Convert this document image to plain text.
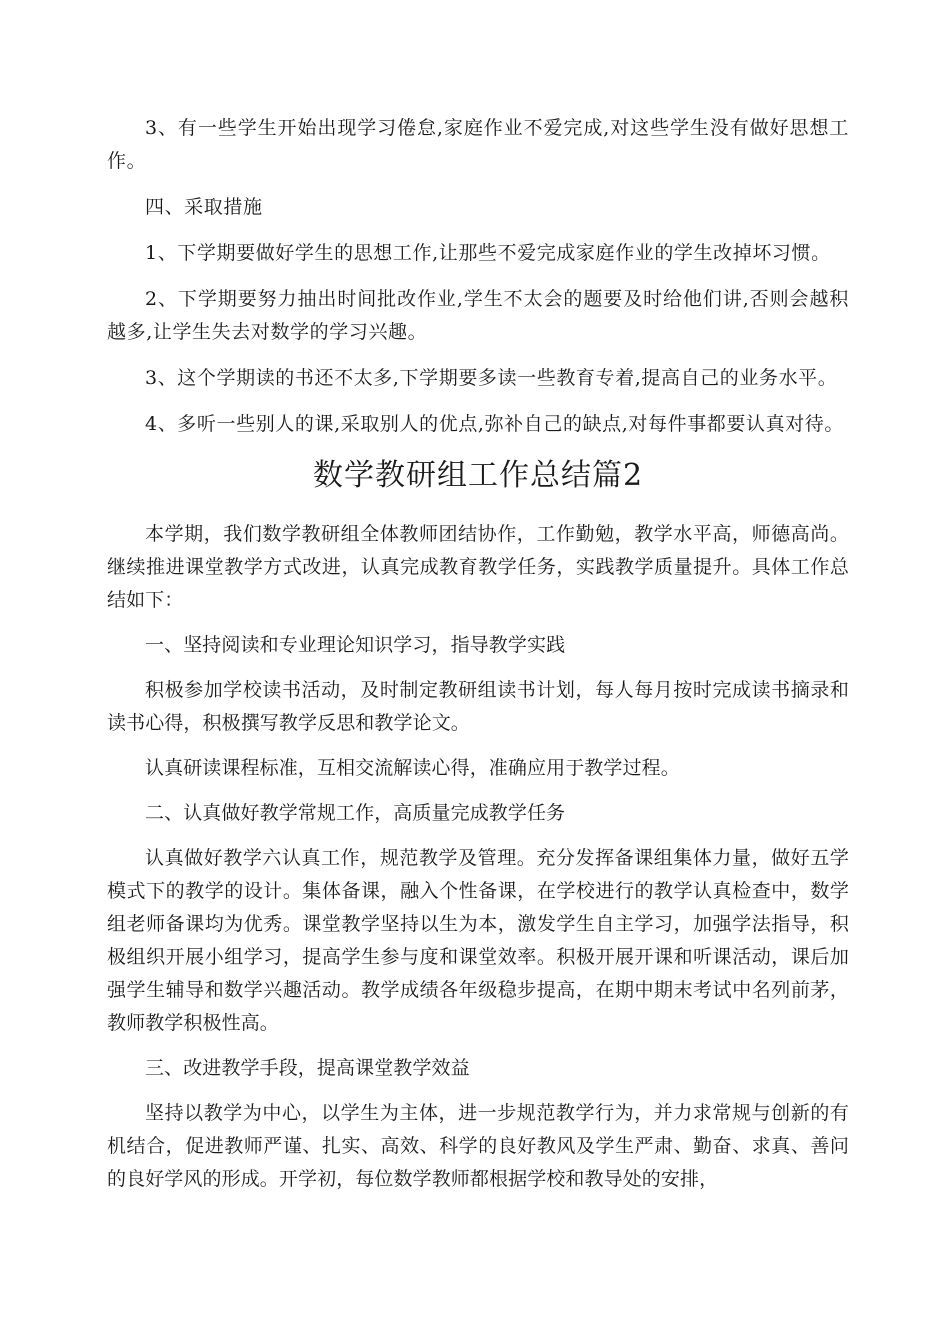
3、有一些学生开始出现学习倦怠,家庭作业不爱完成,对这些学生没有做好思想工作。

四、采取措施

1、下学期要做好学生的思想工作,让那些不爱完成家庭作业的学生改掉坏习惯。

2、下学期要努力抽出时间批改作业,学生不太会的题要及时给他们讲,否则会越积越多,让学生失去对数学的学习兴趣。

3、这个学期读的书还不太多,下学期要多读一些教育专着,提高自己的业务水平。

4、多听一些别人的课,采取别人的优点,弥补自己的缺点,对每件事都要认真对待。

数学教研组工作总结篇2

本学期，我们数学教研组全体教师团结协作，工作勤勉，教学水平高，师德高尚。继续推进课堂教学方式改进，认真完成教育教学任务，实践教学质量提升。具体工作总结如下：

一、坚持阅读和专业理论知识学习，指导教学实践

积极参加学校读书活动，及时制定教研组读书计划，每人每月按时完成读书摘录和读书心得，积极撰写教学反思和教学论文。

认真研读课程标准，互相交流解读心得，准确应用于教学过程。

二、认真做好教学常规工作，高质量完成教学任务

认真做好教学六认真工作，规范教学及管理。充分发挥备课组集体力量，做好五学模式下的教学的设计。集体备课，融入个性备课，在学校进行的教学认真检查中，数学组老师备课均为优秀。课堂教学坚持以生为本，激发学生自主学习，加强学法指导，积极组织开展小组学习，提高学生参与度和课堂效率。积极开展开课和听课活动，课后加强学生辅导和数学兴趣活动。教学成绩各年级稳步提高，在期中期末考试中名列前茅，教师教学积极性高。

三、改进教学手段，提高课堂教学效益

坚持以教学为中心，以学生为主体，进一步规范教学行为，并力求常规与创新的有机结合，促进教师严谨、扎实、高效、科学的良好教风及学生严肃、勤奋、求真、善问的良好学风的形成。开学初，每位数学教师都根据学校和教导处的安排，
